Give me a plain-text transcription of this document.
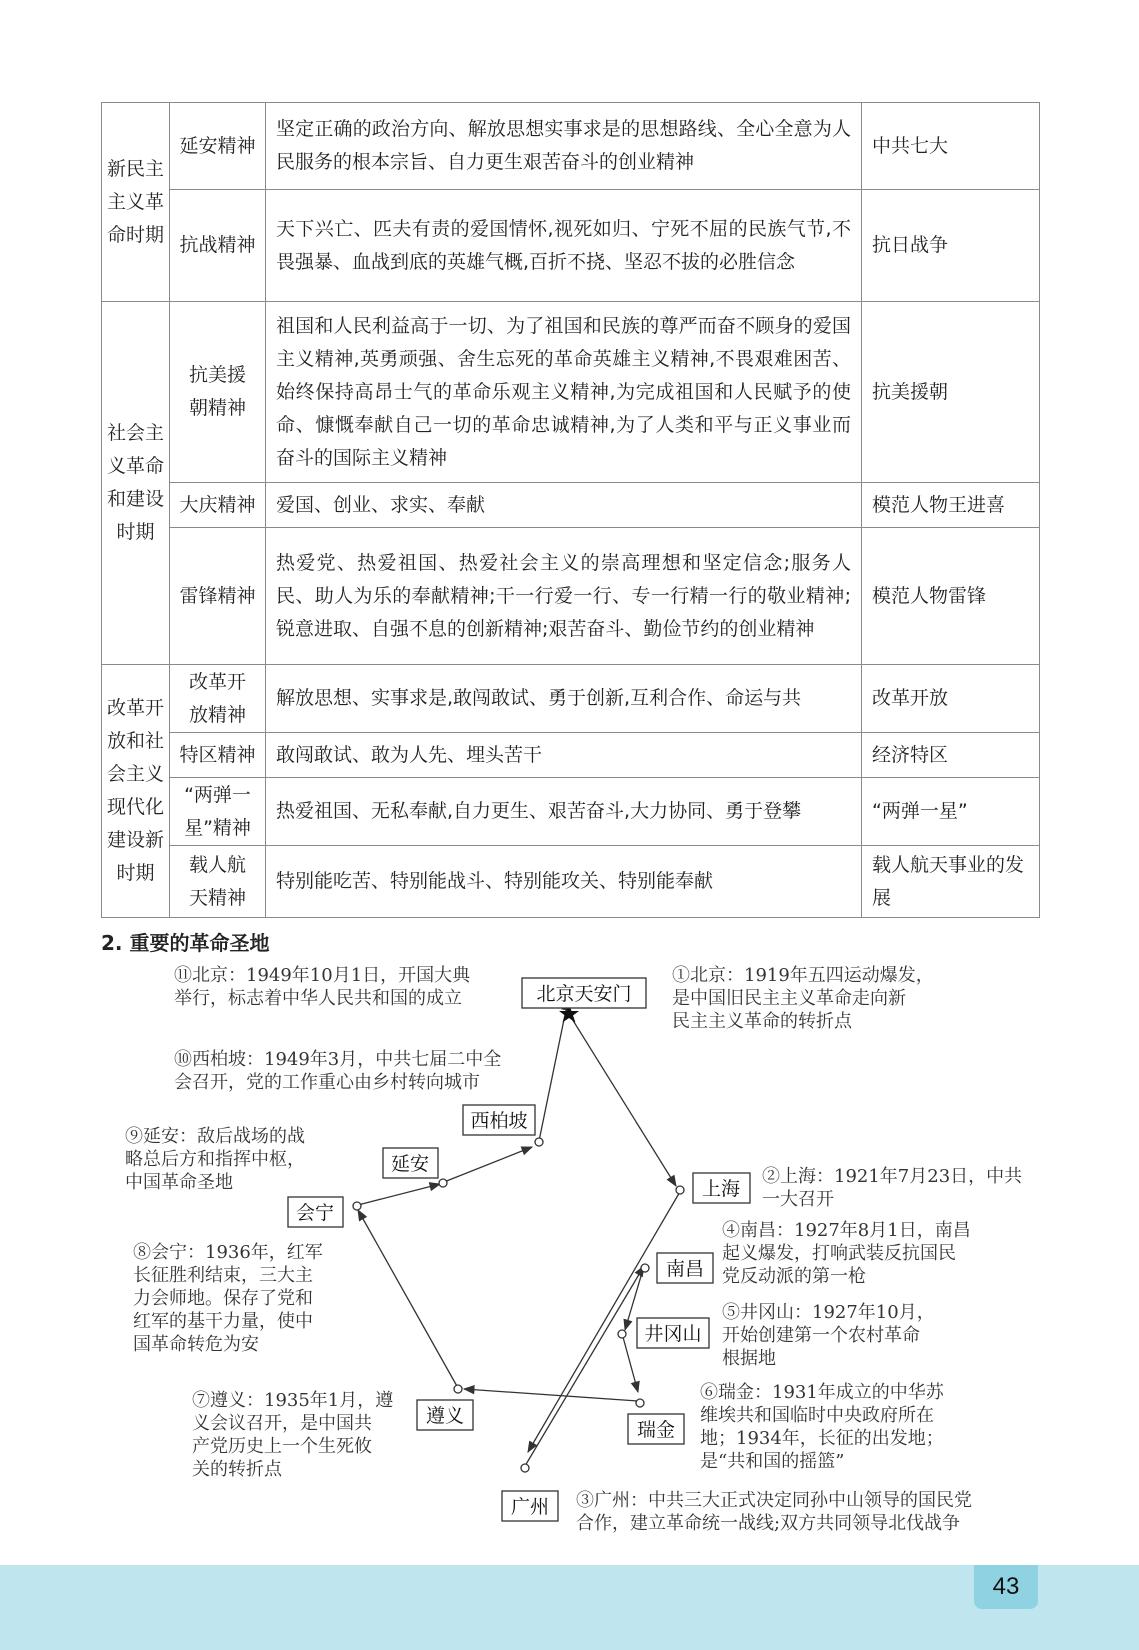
新民主主义革命时期	延安精神	坚定正确的政治方向、解放思想实事求是的思想路线、全心全意为人民服务的根本宗旨、自力更生艰苦奋斗的创业精神	中共七大
	抗战精神	天下兴亡、匹夫有责的爱国情怀,视死如归、宁死不屈的民族气节,不畏强暴、血战到底的英雄气概,百折不挠、坚忍不拔的必胜信念	抗日战争
社会主义革命和建设时期	抗美援朝精神	祖国和人民利益高于一切、为了祖国和民族的尊严而奋不顾身的爱国主义精神,英勇顽强、舍生忘死的革命英雄主义精神,不畏艰难困苦、始终保持高昂士气的革命乐观主义精神,为完成祖国和人民赋予的使命、慷慨奉献自己一切的革命忠诚精神,为了人类和平与正义事业而奋斗的国际主义精神	抗美援朝
	大庆精神	爱国、创业、求实、奉献	模范人物王进喜
	雷锋精神	热爱党、热爱祖国、热爱社会主义的崇高理想和坚定信念;服务人民、助人为乐的奉献精神;干一行爱一行、专一行精一行的敬业精神;锐意进取、自强不息的创新精神;艰苦奋斗、勤俭节约的创业精神	模范人物雷锋
改革开放和社会主义现代化建设新时期	改革开放精神	解放思想、实事求是,敢闯敢试、勇于创新,互利合作、命运与共	改革开放
	特区精神	敢闯敢试、敢为人先、埋头苦干	经济特区
	“两弹一星”精神	热爱祖国、无私奉献,自力更生、艰苦奋斗,大力协同、勇于登攀	“两弹一星”
	载人航天精神	特别能吃苦、特别能战斗、特别能攻关、特别能奉献	载人航天事业的发展
2. 重要的革命圣地
北京天安门
西柏坡
延安
会宁
上海
南昌
井冈山
瑞金
遵义
广州
⑪北京：1949年10月1日，开国大典
举行，标志着中华人民共和国的成立
①北京：1919年五四运动爆发，
是中国旧民主主义革命走向新
民主主义革命的转折点
⑩西柏坡：1949年3月，中共七届二中全
会召开，党的工作重心由乡村转向城市
⑨延安：敌后战场的战
略总后方和指挥中枢，
中国革命圣地	②上海：1921年7月23日，中共
一大召开
④南昌：1927年8月1日，南昌
起义爆发，打响武装反抗国民
党反动派的第一枪
⑧会宁：1936年，红军
长征胜利结束，三大主
力会师地。保存了党和
红军的基干力量，使中
国革命转危为安
⑤井冈山：1927年10月，
开始创建第一个农村革命
根据地
⑥瑞金：1931年成立的中华苏
维埃共和国临时中央政府所在
地；1934年，长征的出发地；
是“共和国的摇篮”
⑦遵义：1935年1月，遵
义会议召开，是中国共
产党历史上一个生死攸
关的转折点
③广州：中共三大正式决定同孙中山领导的国民党
合作，建立革命统一战线;双方共同领导北伐战争
43
